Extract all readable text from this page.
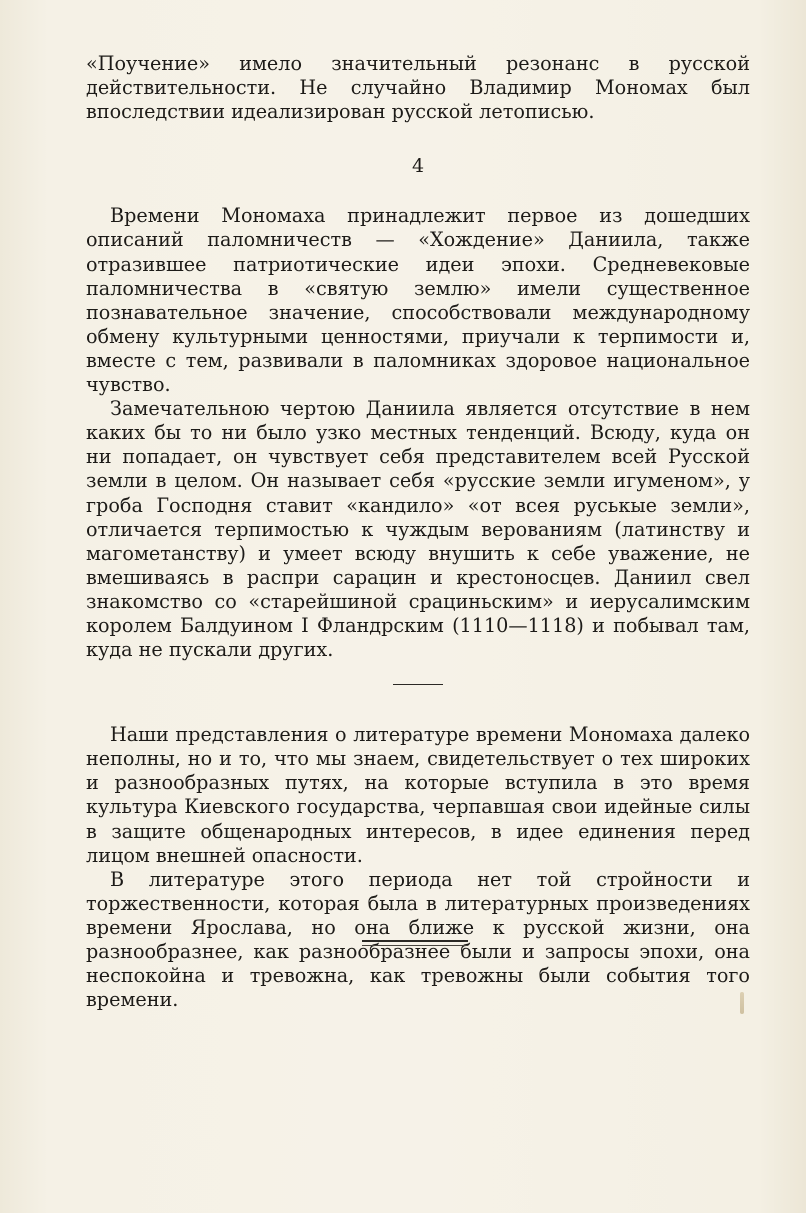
«Поучение» имело значительный резонанс в русской действительности. Не случайно Владимир Мономах был впоследствии идеализирован русской летописью.

4

Времени Мономаха принадлежит первое из дошедших описаний паломничеств — «Хождение» Даниила, также отразившее патриотические идеи эпохи. Средневековые паломничества в «святую землю» имели существенное познавательное значение, способствовали международному обмену культурными ценностями, приучали к терпимости и, вместе с тем, развивали в паломниках здоровое национальное чувство.

Замечательною чертою Даниила является отсутствие в нем каких бы то ни было узко местных тенденций. Всюду, куда он ни попадает, он чувствует себя представителем всей Русской земли в целом. Он называет себя «русские земли игуменом», у гроба Господня ставит «кандило» «от всея руськые земли», отличается терпимостью к чуждым верованиям (латинству и магометанству) и умеет всюду внушить к себе уважение, не вмешиваясь в распри сарацин и крестоносцев. Даниил свел знакомство со «старейшиной срациньским» и иерусалимским королем Балдуином I Фландрским (1110—1118) и побывал там, куда не пускали других.

Наши представления о литературе времени Мономаха далеко неполны, но и то, что мы знаем, свидетельствует о тех широких и разнообразных путях, на которые вступила в это время культура Киевского государства, черпавшая свои идейные силы в защите общенародных интересов, в идее единения перед лицом внешней опасности.

В литературе этого периода нет той стройности и торжественности, которая была в литературных произведениях времени Ярослава, но она ближе к русской жизни, она разнообразнее, как разнообразнее были и запросы эпохи, она неспокойна и тревожна, как тревожны были события того времени.
